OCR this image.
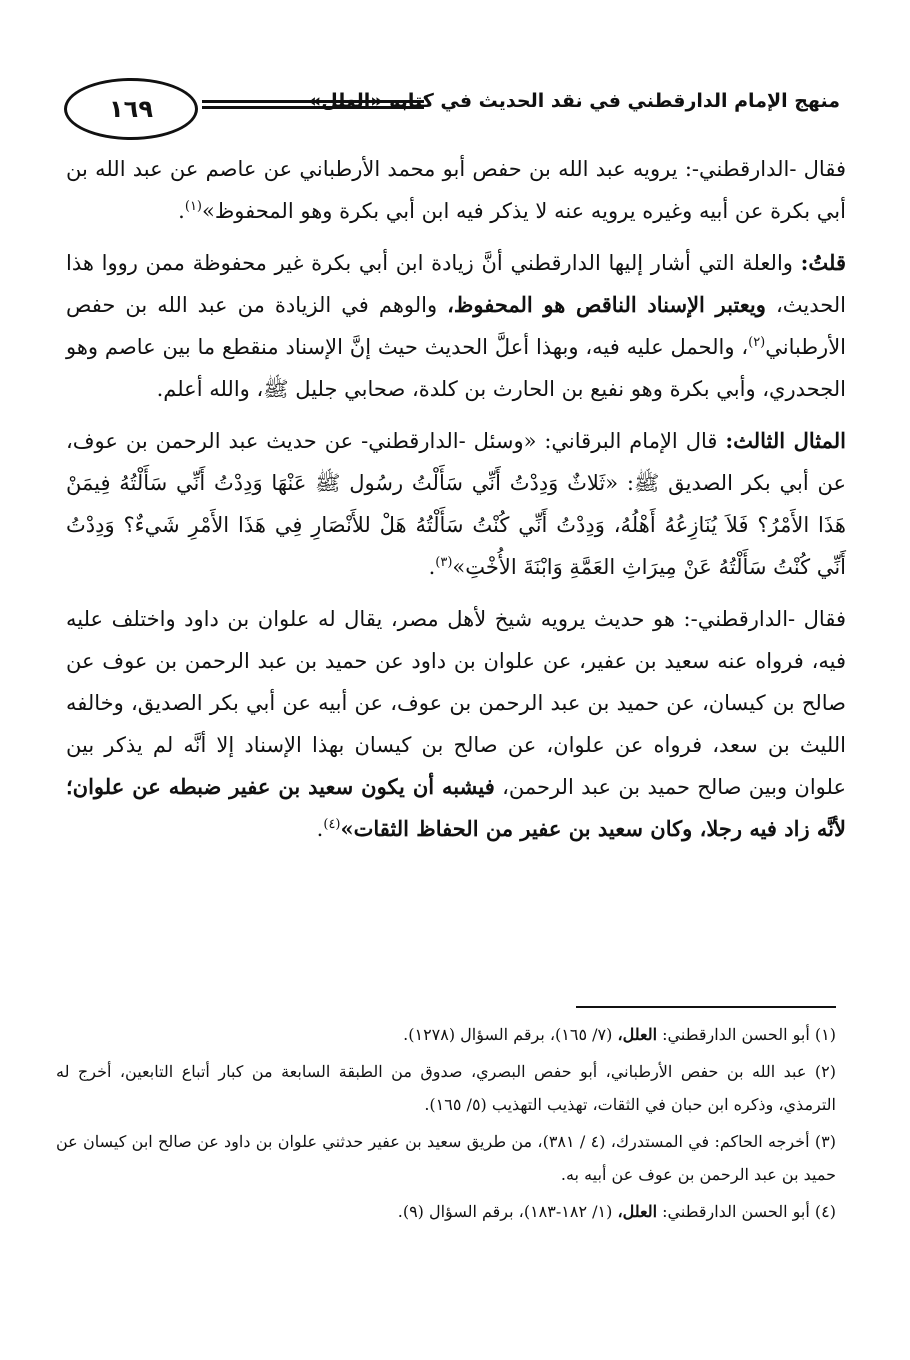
١٦٩	منهج الإمام الدارقطني في نقد الحديث في كتابه «العلل»

فقال -الدارقطني-: يرويه عبد الله بن حفص أبو محمد الأرطباني عن عاصم عن عبد الله بن أبي بكرة عن أبيه وغيره يرويه عنه لا يذكر فيه ابن أبي بكرة وهو المحفوظ»$^{(١)}$.

قلتُ: والعلة التي أشار إليها الدارقطني أنَّ زيادة ابن أبي بكرة غير محفوظة ممن رووا هذا الحديث، ويعتبر الإسناد الناقص هو المحفوظ، والوهم في الزيادة من عبد الله بن حفص الأرطباني$^{(٢)}$، والحمل عليه فيه، وبهذا أعلَّ الحديث حيث إنَّ الإسناد منقطع ما بين عاصم وهو الجحدري، وأبي بكرة وهو نفيع بن الحارث بن كلدة، صحابي جليل ﷺ، والله أعلم.

المثال الثالث: قال الإمام البرقاني: «وسئل -الدارقطني- عن حديث عبد الرحمن بن عوف، عن أبي بكر الصديق ﷺ: «ثَلاثٌ وَدِدْتُ أَنِّي سَأَلْتُ رسُول ﷺ عَنْهَا وَدِدْتُ أَنِّي سَأَلْتُهُ فِيمَنْ هَذَا الأَمْرُ؟ فَلاَ يُنَازِعُهُ أَهْلُهُ، وَدِدْتُ أَنِّي كُنْتُ سَأَلْتُهُ هَلْ للأَنْصَارِ فِي هَذَا الأَمْرِ شَيءٌ؟ وَدِدْتُ أَنِّي كُنْتُ سَأَلْتُهُ عَنْ مِيرَاثِ العَمَّةِ وَابْنَةَ الأُخْتِ»$^{(٣)}$.

فقال -الدارقطني-: هو حديث يرويه شيخ لأهل مصر، يقال له علوان بن داود واختلف عليه فيه، فرواه عنه سعيد بن عفير، عن علوان بن داود عن حميد بن عبد الرحمن بن عوف عن صالح بن كيسان، عن حميد بن عبد الرحمن بن عوف، عن أبيه عن أبي بكر الصديق، وخالفه الليث بن سعد، فرواه عن علوان، عن صالح بن كيسان بهذا الإسناد إلا أنَّه لم يذكر بين علوان وبين صالح حميد بن عبد الرحمن، فيشبه أن يكون سعيد بن عفير ضبطه عن علوان؛ لأنَّه زاد فيه رجلا، وكان سعيد بن عفير من الحفاظ الثقات»$^{(٤)}$.

(١) أبو الحسن الدارقطني: العلل، (٧/ ١٦٥)، برقم السؤال (١٢٧٨).

(٢) عبد الله بن حفص الأرطباني، أبو حفص البصري، صدوق من الطبقة السابعة من كبار أتباع التابعين، أخرج له الترمذي، وذكره ابن حبان في الثقات، تهذيب التهذيب (٥/ ١٦٥).

(٣) أخرجه الحاكم: في المستدرك، (٤ / ٣٨١)، من طريق سعيد بن عفير حدثني علوان بن داود عن صالح ابن كيسان عن حميد بن عبد الرحمن بن عوف عن أبيه به.

(٤) أبو الحسن الدارقطني: العلل، (١/ ١٨٢-١٨٣)، برقم السؤال (٩).
